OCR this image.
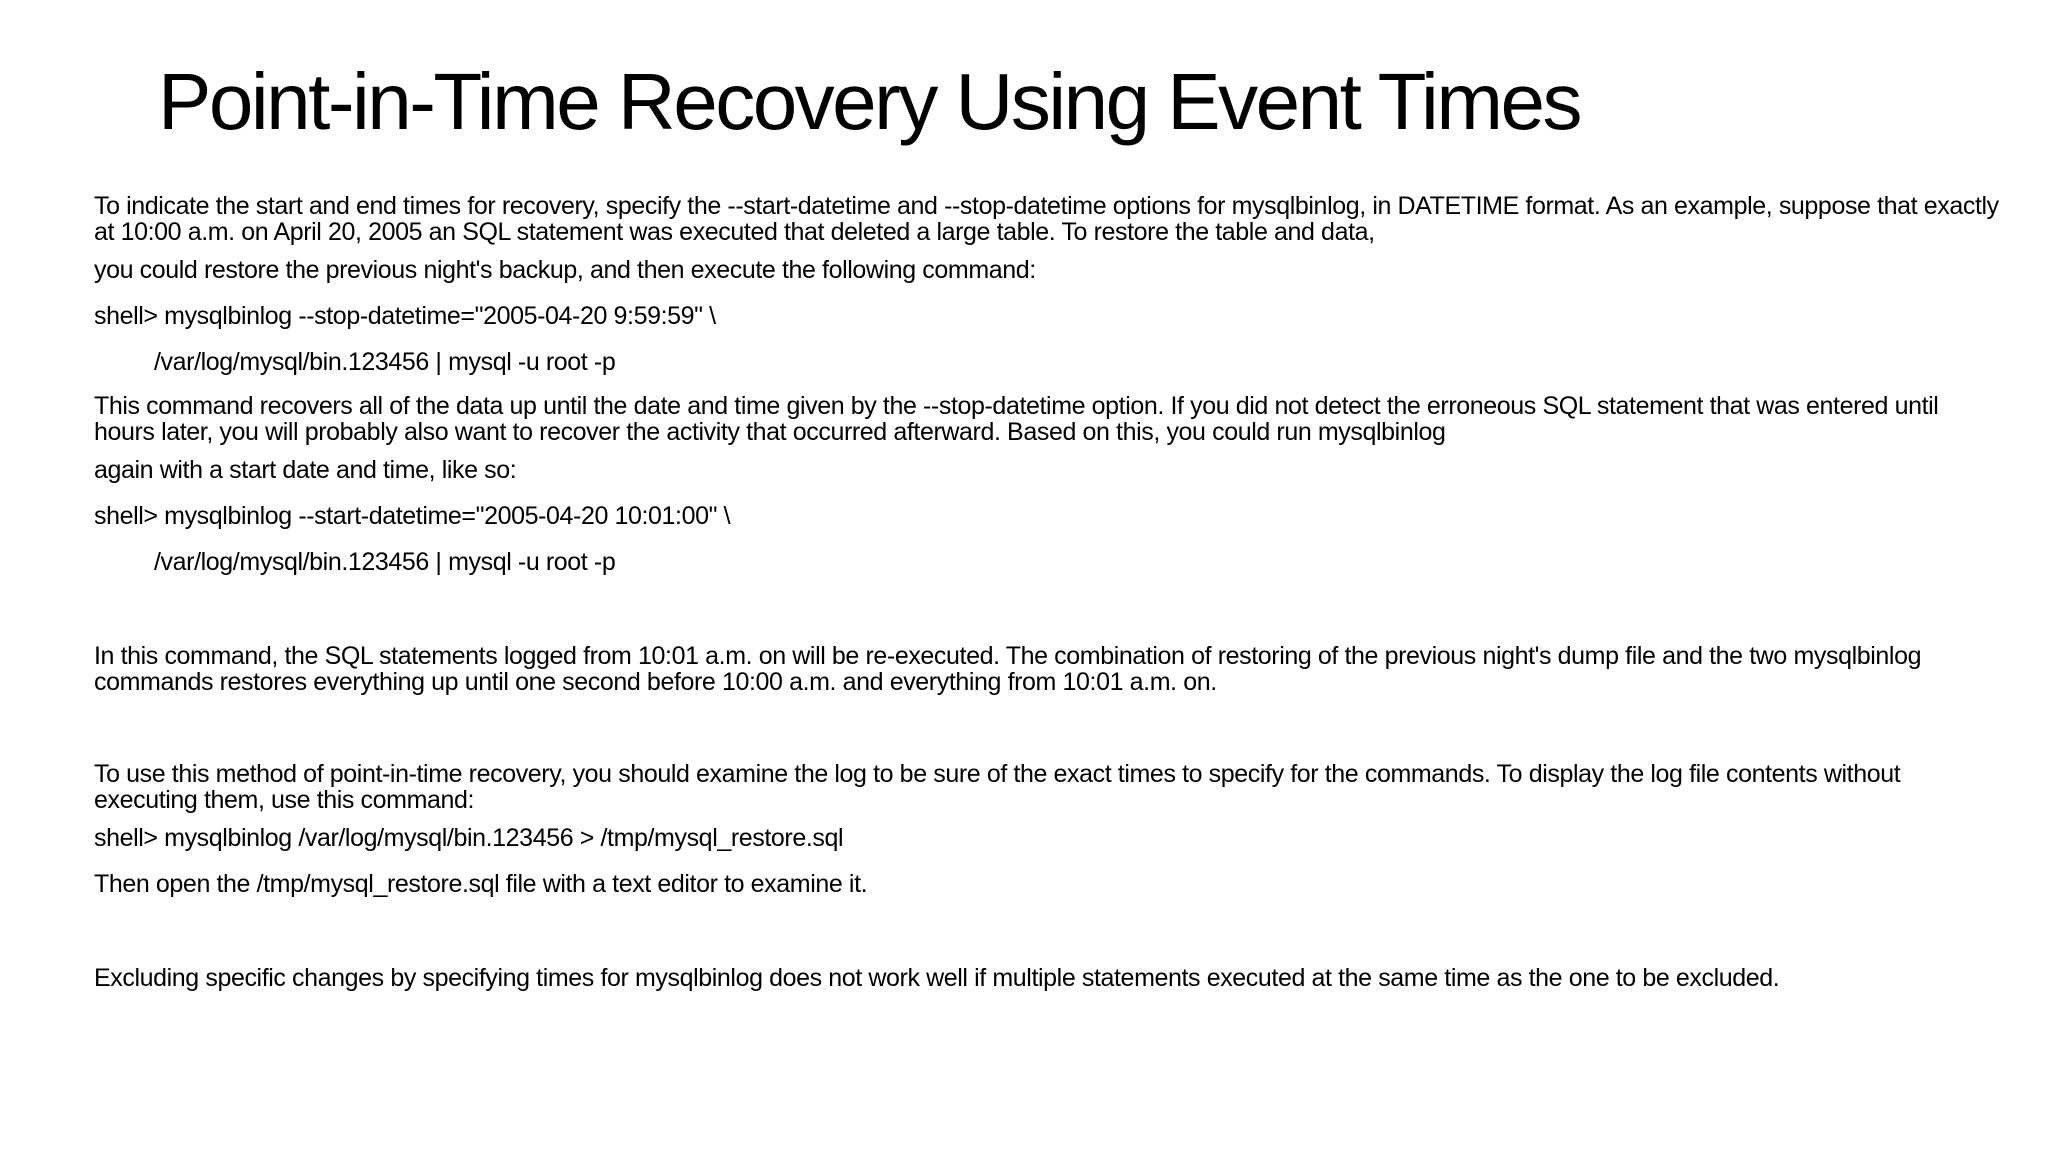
Point-in-Time Recovery Using Event Times

To indicate the start and end times for recovery, specify the --start-datetime and --stop-datetime options for mysqlbinlog, in DATETIME format. As an example, suppose that exactly at 10:00 a.m. on April 20, 2005 an SQL statement was executed that deleted a large table. To restore the table and data,

you could restore the previous night's backup, and then execute the following command:

shell> mysqlbinlog --stop-datetime="2005-04-20 9:59:59" \

/var/log/mysql/bin.123456 | mysql -u root -p

This command recovers all of the data up until the date and time given by the --stop-datetime option. If you did not detect the erroneous SQL statement that was entered until hours later, you will probably also want to recover the activity that occurred afterward. Based on this, you could run mysqlbinlog

again with a start date and time, like so:

shell> mysqlbinlog --start-datetime="2005-04-20 10:01:00" \

/var/log/mysql/bin.123456 | mysql -u root -p

In this command, the SQL statements logged from 10:01 a.m. on will be re-executed. The combination of restoring of the previous night's dump file and the two mysqlbinlog commands restores everything up until one second before 10:00 a.m. and everything from 10:01 a.m. on.

To use this method of point-in-time recovery, you should examine the log to be sure of the exact times to specify for the commands. To display the log file contents without executing them, use this command:

shell> mysqlbinlog /var/log/mysql/bin.123456 > /tmp/mysql_restore.sql

Then open the /tmp/mysql_restore.sql file with a text editor to examine it.

Excluding specific changes by specifying times for mysqlbinlog does not work well if multiple statements executed at the same time as the one to be excluded.
